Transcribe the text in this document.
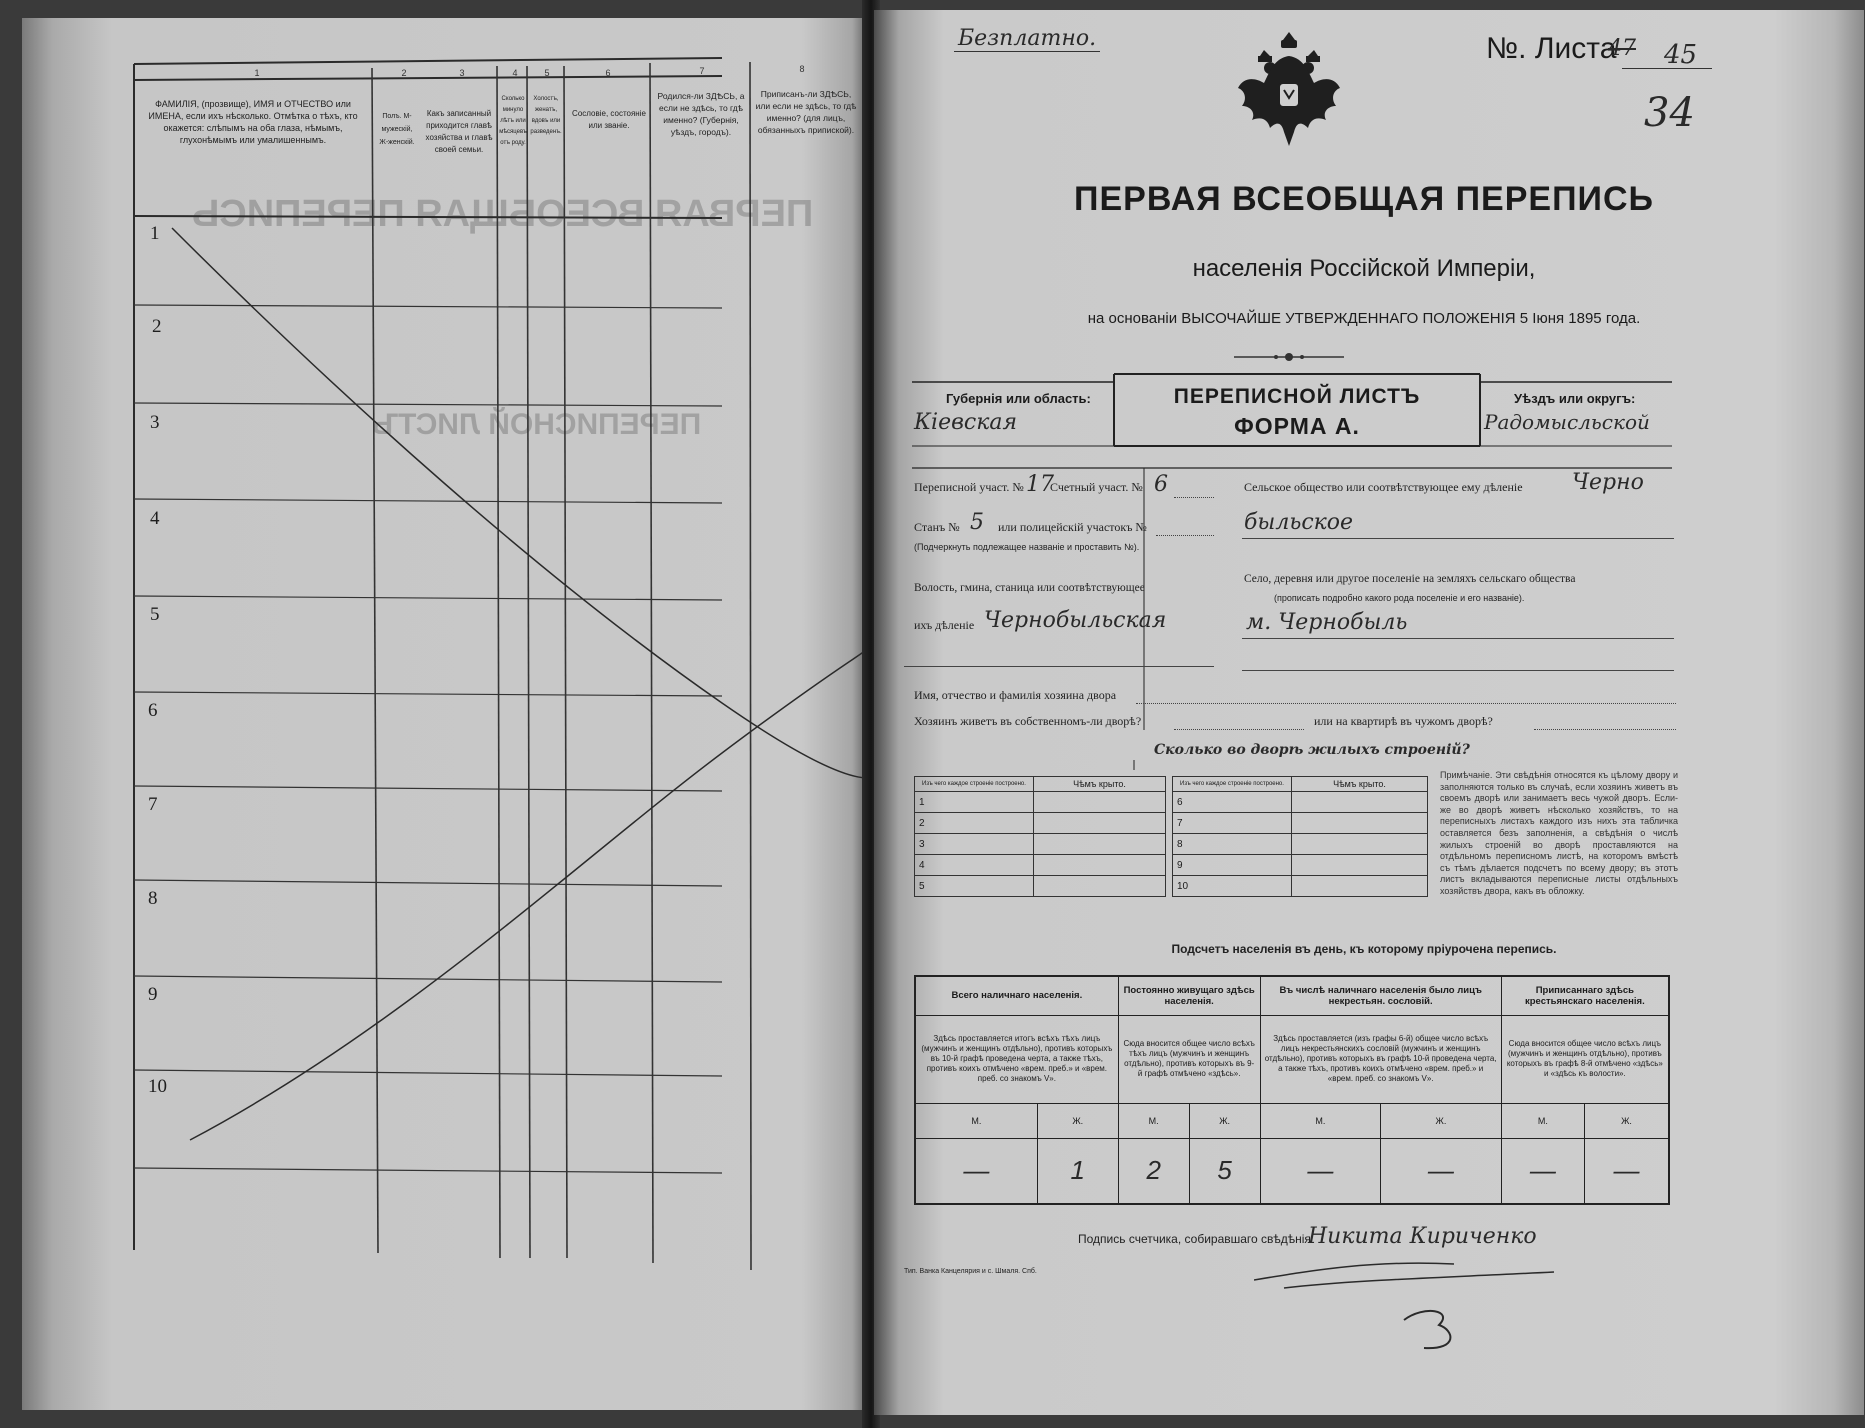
ПЕРВАЯ ВСЕОБЩАЯ ПЕРЕПИСЬ
ПЕРЕПИСНОЙ ЛИСТЪ
1	2	3	4	5	6	7	8
ФАМИЛІЯ, (прозвище), ИМЯ и ОТЧЕСТВО или ИМЕНА, если ихъ нѣсколько. Отмѣтка о тѣхъ, кто окажется: слѣпымъ на оба глаза, нѣмымъ, глухонѣмымъ или умалишеннымъ.
Полъ. М-мужескій, Ж-женскій.
Какъ записанный приходится главѣ хозяйства и главѣ своей семьи.
Сколько минуло лѣтъ или мѣсяцевъ отъ роду.
Холостъ, женатъ, вдовъ или разведенъ.
Сословіе, состояніе или званіе.
Родился-ли ЗДѢСЬ, а если не здѣсь, то гдѣ именно? (Губернія, уѣздъ, городъ).
Приписанъ-ли ЗДѢСЬ, или если не здѣсь, то гдѣ именно? (для лицъ, обязанныхъ припиской).
1
2
3
4
5
6
7
8
9
10
Безплатно.	№. Листа
47 45
34
ПЕРВАЯ ВСЕОБЩАЯ ПЕРЕПИСЬ
населенія Россійской Имперіи,
на основаніи ВЫСОЧАЙШЕ УТВЕРЖДЕННАГО ПОЛОЖЕНІЯ 5 Іюня 1895 года.
Губернія или область:
Кіевская
ПЕРЕПИСНОЙ ЛИСТЪ
ФОРМА А.
Уѣздъ или округъ:
Радомысльской
Переписной участ. № 17
Счетный участ. № 6
Станъ № 5 или полицейскій участокъ №
(Подчеркнуть подлежащее названіе и проставить №).
Волость, гмина, станица или соотвѣтствующее
ихъ дѣленіе Чернобыльская
Сельское общество или соотвѣтствующее ему дѣленіе Черно
быльское
Село, деревня или другое поселеніе на земляхъ сельскаго общества
(прописать подробно какого рода поселеніе и его названіе).
м. Чернобыль
Имя, отчество и фамилія хозяина двора
Хозяинъ живетъ въ собственномъ-ли дворѣ?	или на квартирѣ въ чужомъ дворѣ?
Сколько во дворѣ жилыхъ строеній?
Изъ чего каждое строеніе построено.	Чѣмъ крыто.
1	
2	
3	
4	
5	
Изъ чего каждое строеніе построено.	Чѣмъ крыто.
6	
7	
8	
9	
10	
Примѣчаніе. Эти свѣдѣнія относятся къ цѣлому двору и заполняются только въ случаѣ, если хозяинъ живетъ въ своемъ дворѣ или занимаетъ весь чужой дворъ. Если-же во дворѣ живетъ нѣсколько хозяйствъ, то на переписныхъ листахъ каждого изъ нихъ эта табличка оставляется безъ заполненія, а свѣдѣнія о числѣ жилыхъ строеній во дворѣ проставляются на отдѣльномъ переписномъ листѣ, на которомъ вмѣстѣ съ тѣмъ дѣлается подсчетъ по всему двору; въ этотъ листъ вкладываются переписные листы отдѣльныхъ хозяйствъ двора, какъ въ обложку.
Подсчетъ населенія въ день, къ которому пріурочена перепись.
Всего наличнаго населенія.		Постоянно живущаго здѣсь населенія.		Въ числѣ наличнаго населенія было лицъ некрестьян. сословій.		Приписаннаго здѣсь крестьянскаго населенія.	
Здѣсь проставляется итогъ всѣхъ тѣхъ лицъ (мужчинъ и женщинъ отдѣльно), противъ которыхъ въ 10-й графѣ проведена черта, а также тѣхъ, противъ коихъ отмѣчено «врем. преб.» и «врем. преб. со знакомъ V».		Сюда вносится общее число всѣхъ тѣхъ лицъ (мужчинъ и женщинъ отдѣльно), противъ которыхъ въ 9-й графѣ отмѣчено «здѣсь».		Здѣсь проставляется (изъ графы 6-й) общее число всѣхъ лицъ некрестьянскихъ сословій (мужчинъ и женщинъ отдѣльно), противъ которыхъ въ графѣ 10-й проведена черта, а также тѣхъ, противъ коихъ отмѣчено «врем. преб.» и «врем. преб. со знакомъ V».		Сюда вносится общее число всѣхъ лицъ (мужчинъ и женщинъ отдѣльно), противъ которыхъ въ графѣ 8-й отмѣчено «здѣсь» и «здѣсь къ волости».	
М.	Ж.	М.	Ж.	М.	Ж.	М.	Ж.
—	1	2	5	—	—	—	—
Подпись счетчика, собиравшаго свѣдѣнія
Никита Кириченко
Тип. Ванка Канцелярия и с. Шмаля. Спб.
